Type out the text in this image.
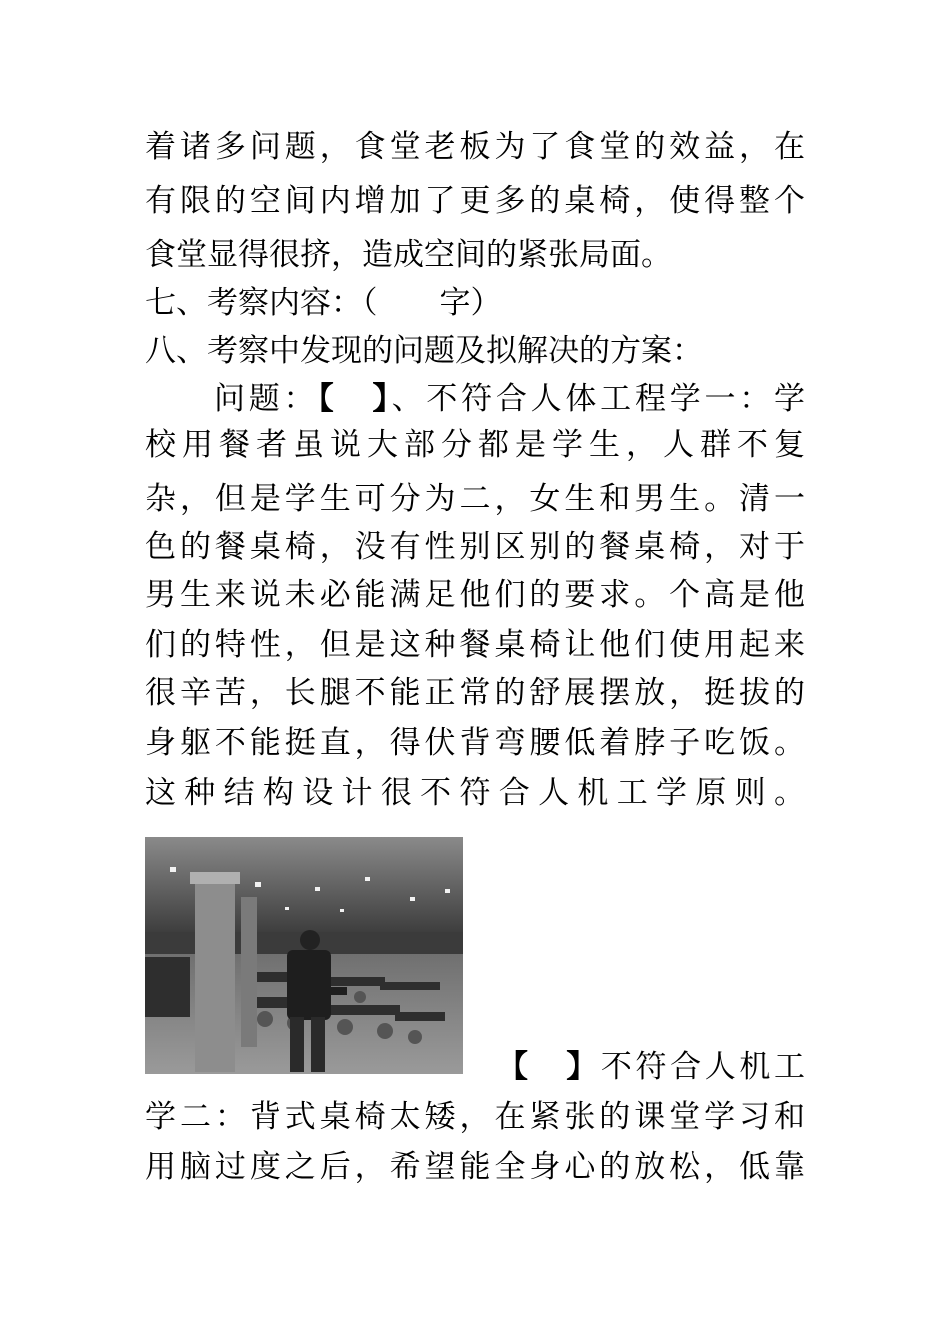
着诸多问题，食堂老板为了食堂的效益，在
有限的空间内增加了更多的桌椅，使得整个
食堂显得很挤，造成空间的紧张局面。
七、考察内容：（　　字）
八、考察中发现的问题及拟解决的方案：
问题：【　 】、不符合人体工程学一：学
校用餐者虽说大部分都是学生，人群不复
杂，但是学生可分为二，女生和男生。清一
色的餐桌椅，没有性别区别的餐桌椅，对于
男生来说未必能满足他们的要求。个高是他
们的特性，但是这种餐桌椅让他们使用起来
很辛苦，长腿不能正常的舒展摆放，挺拔的
身躯不能挺直，得伏背弯腰低着脖子吃饭。
这种结构设计很不符合人机工学原则。
【　 】不符合人机工
学二：背式桌椅太矮，在紧张的课堂学习和
用脑过度之后，希望能全身心的放松，低靠
